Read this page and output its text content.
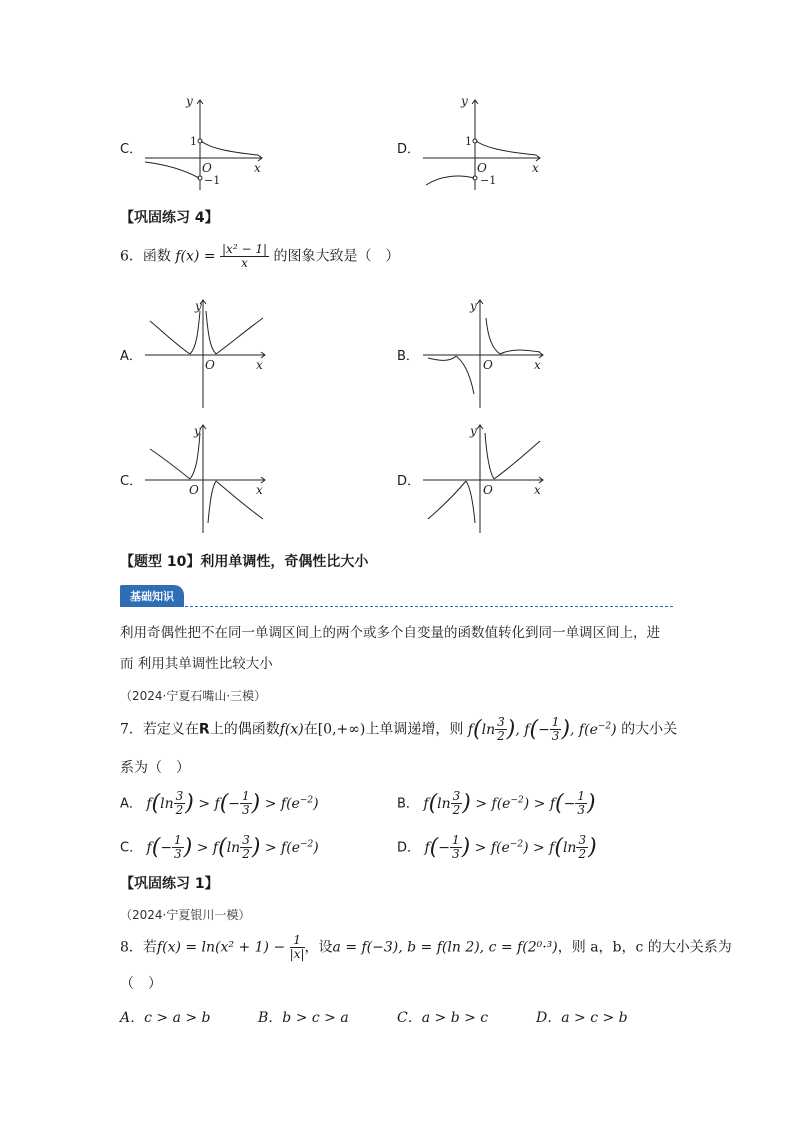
C．
y
x
O
1
−1
D．
y
x
O
1
−1
【巩固练习 4】
6．函数 $f(x) = \frac{\text{|x² − 1|}}{x}$ 的图象大致是（　）
A．
y
x
O
B．
y
x
O
C．
y
x
O
D．
y
x
O
【题型 10】利用单调性，奇偶性比大小
基础知识
利用奇偶性把不在同一单调区间上的两个或多个自变量的函数值转化到同一单调区间上，进
而 利用其单调性比较大小
（2024·宁夏石嘴山·三模）
7．若定义在R上的偶函数f(x)在[0,+∞)上单调递增，则 $f(\ln \frac{3}{2}$ ), $f(- \frac{1}{3}$ ), $f(e^{-2})$ 的大小关
系为（　）
A． $f(\ln \frac{3}{2}$ ) > $f(- \frac{1}{3}$ ) > $f(e^{-2})$	B． $f(\ln \frac{3}{2}$ ) > $f(e^{-2}) > f(- \frac{1}{3}$ )
C． $f(- \frac{1}{3}$ ) > $f(\ln \frac{3}{2}$ ) > $f(e^{-2})$	D． $f(- \frac{1}{3}$ ) > $f(e^{-2}) > f(\ln \frac{3}{2}$ )
【巩固练习 1】
（2024·宁夏银川一模）
8．若$f(x) = \ln(x^2 + 1) - \frac{1}{|x|}$ ，设a = f(−3), b = f(ln 2), c = f(2⁰·³)，则 a，b，c 的大小关系为
（　）
A．c > a > b	B．b > c > a	C．a > b > c	D．a > c > b
